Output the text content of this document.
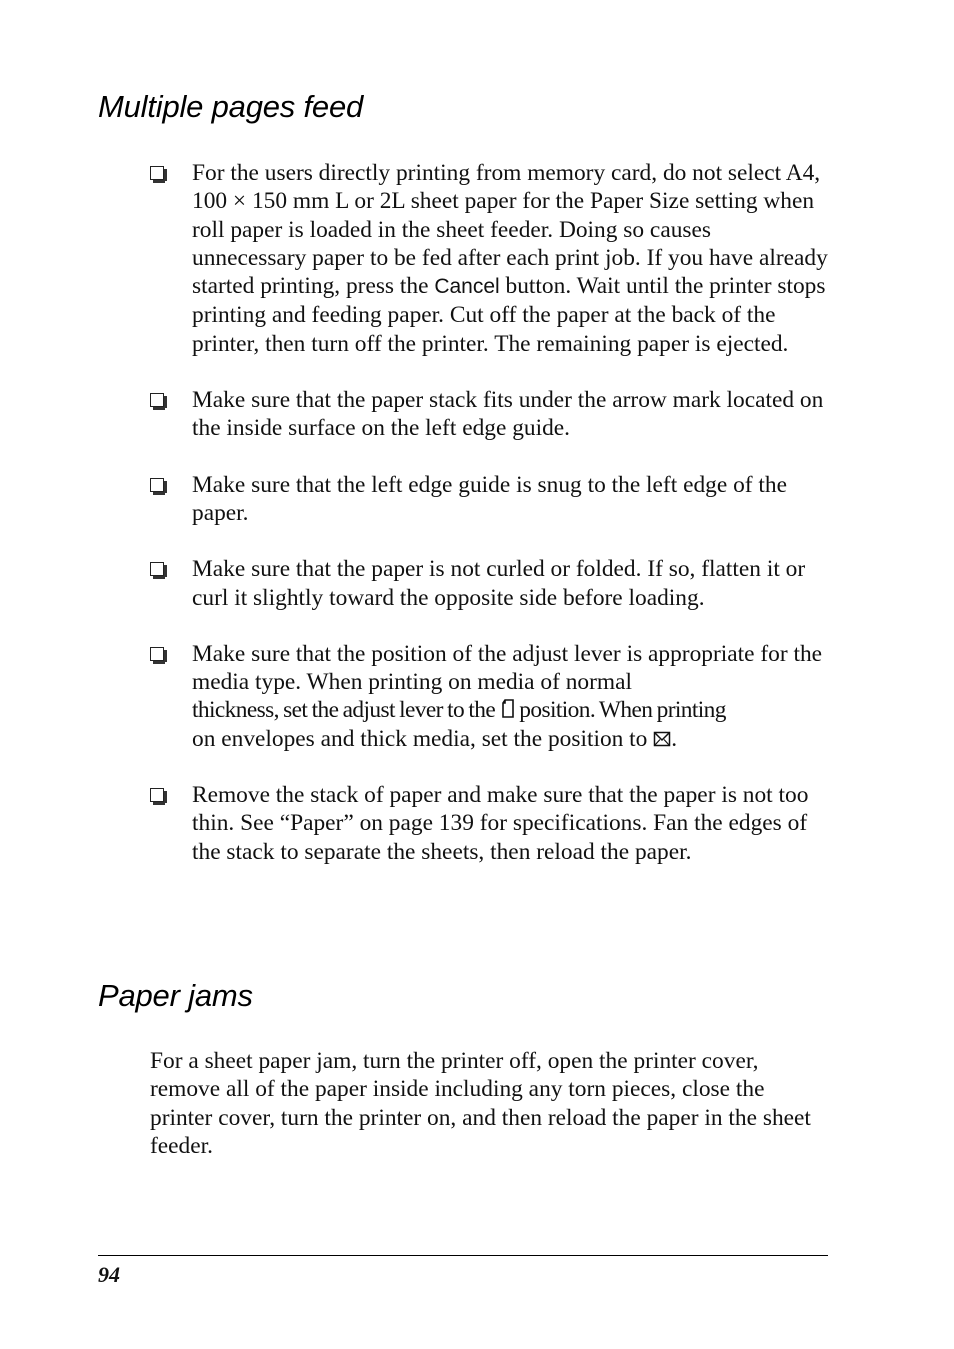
Multiple pages feed
For the users directly printing from memory card, do not select A4, 100 × 150 mm L or 2L sheet paper for the Paper Size setting when roll paper is loaded in the sheet feeder. Doing so causes unnecessary paper to be fed after each print job. If you have already started printing, press the Cancel button. Wait until the printer stops printing and feeding paper. Cut off the paper at the back of the printer, then turn off the printer. The remaining paper is ejected.
Make sure that the paper stack fits under the arrow mark located on the inside surface on the left edge guide.
Make sure that the left edge guide is snug to the left edge of the paper.
Make sure that the paper is not curled or folded. If so, flatten it or curl it slightly toward the opposite side before loading.
Make sure that the position of the adjust lever is appropriate for the media type. When printing on media of normal
thickness, set the adjust lever to the  position. When printing
on envelopes and thick media, set the position to .
Remove the stack of paper and make sure that the paper is not too thin. See “Paper” on page 139 for specifications. Fan the edges of the stack to separate the sheets, then reload the paper.
Paper jams

For a sheet paper jam, turn the printer off, open the printer cover, remove all of the paper inside including any torn pieces, close the printer cover, turn the printer on, and then reload the paper in the sheet feeder.

94
